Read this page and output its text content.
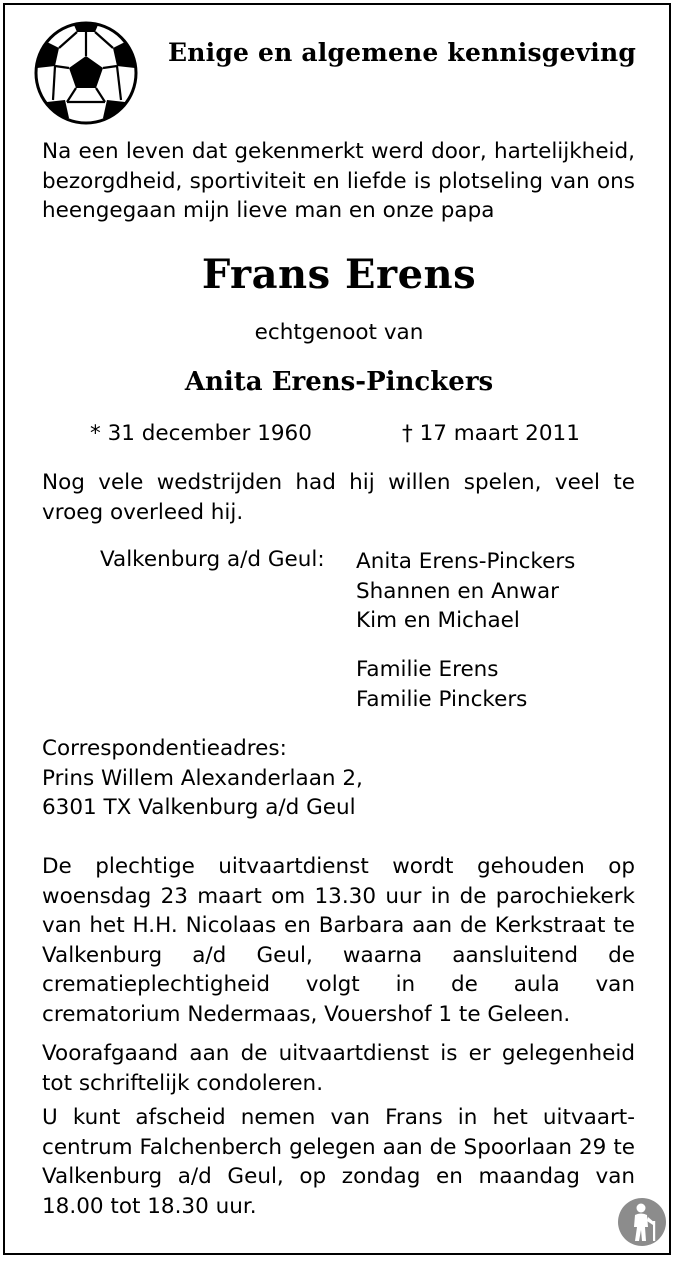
Enige en algemene kennisgeving
Na een leven dat gekenmerkt werd door, hartelijkheid, bezorgdheid, sportiviteit en liefde is plotseling van ons heengegaan mijn lieve man en onze papa
Frans Erens
echtgenoot van
Anita Erens-Pinckers
* 31 december 1960	† 17 maart 2011
Nog vele wedstrijden had hij willen spelen, veel te vroeg overleed hij.
Valkenburg a/d Geul: Anita Erens-Pinckers
Shannen en Anwar
Kim en Michael
Familie Erens
Familie Pinckers
Correspondentieadres:
Prins Willem Alexanderlaan 2,
6301 TX Valkenburg a/d Geul
De plechtige uitvaartdienst wordt gehouden op woensdag 23 maart om 13.30 uur in de parochiekerk van het H.H. Nicolaas en Barbara aan de Kerkstraat te Valkenburg a/d Geul, waarna aansluitend de crematieplechtigheid volgt in de aula van crematorium Nedermaas, Vouershof 1 te Geleen.
Voorafgaand aan de uitvaartdienst is er gelegenheid tot schriftelijk condoleren.
U kunt afscheid nemen van Frans in het uitvaart-centrum Falchenberch gelegen aan de Spoorlaan 29 te Valkenburg a/d Geul, op zondag en maandag van 18.00 tot 18.30 uur.
